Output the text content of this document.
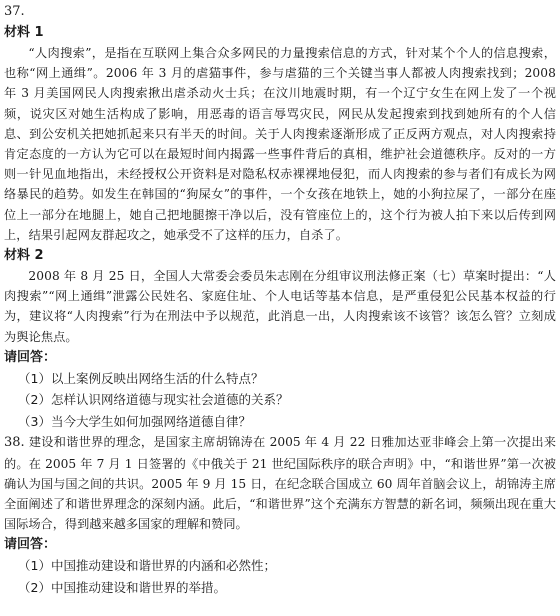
37.
材料 1

“人肉搜索”，是指在互联网上集合众多网民的力量搜索信息的方式，针对某个个人的信息搜索，也称“网上通缉”。2006 年 3 月的虐猫事件，参与虐猫的三个关键当事人都被人肉搜索找到；2008 年 3 月美国网民人肉搜索揪出虐杀动火士兵；在汶川地震时期，有一个辽宁女生在网上发了一个视频，说灾区对她生活构成了影响，用恶毒的语言辱骂灾民，网民从发起搜索到找到她所有的个人信息、到公安机关把她抓起来只有半天的时间。关于人肉搜索逐渐形成了正反两方观点，对人肉搜索持肯定态度的一方认为它可以在最短时间内揭露一些事件背后的真相，维护社会道德秩序。反对的一方则一针见血地指出，未经授权公开资料是对隐私权赤裸裸地侵犯，而人肉搜索的参与者们有成长为网络暴民的趋势。如发生在韩国的“狗屎女”的事件，一个女孩在地铁上，她的小狗拉屎了，一部分在座位上一部分在地腿上，她自己把地腿擦干净以后，没有管座位上的，这个行为被人拍下来以后传到网上，结果引起网友群起攻之，她承受不了这样的压力，自杀了。

材料 2

2008 年 8 月 25 日，全国人大常委会委员朱志刚在分组审议刑法修正案（七）草案时提出：“人肉搜索”“网上通缉”泄露公民姓名、家庭住址、个人电话等基本信息，是严重侵犯公民基本权益的行为，建议将“人肉搜索”行为在刑法中予以规范，此消息一出，人肉搜索该不该管？该怎么管？立刻成为舆论焦点。

请回答：
（1）以上案例反映出网络生活的什么特点？
（2）怎样认识网络道德与现实社会道德的关系？
（3）当今大学生如何加强网络道德自律？

38. 建设和谐世界的理念，是国家主席胡锦涛在 2005 年 4 月 22 日雅加达亚非峰会上第一次提出来的。在 2005 年 7 月 1 日签署的《中俄关于 21 世纪国际秩序的联合声明》中，“和谐世界”第一次被确认为国与国之间的共识。2005 年 9 月 15 日，在纪念联合国成立 60 周年首脑会议上，胡锦涛主席全面阐述了和谐世界理念的深刻内涵。此后，“和谐世界”这个充满东方智慧的新名词，频频出现在重大国际场合，得到越来越多国家的理解和赞同。

请回答：
（1）中国推动建设和谐世界的内涵和必然性；
（2）中国推动建设和谐世界的举措。
